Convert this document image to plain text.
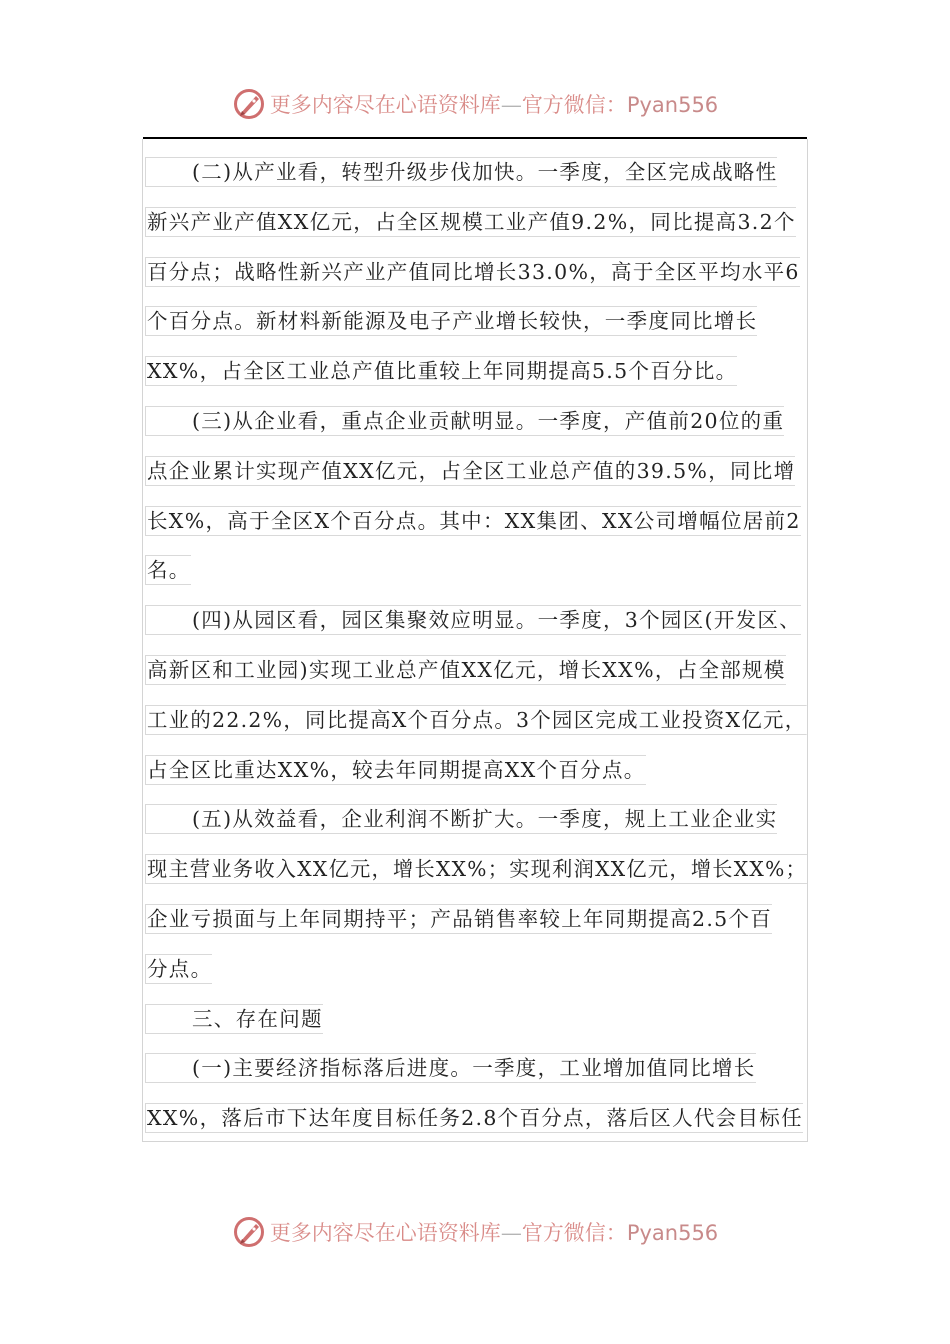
更多内容尽在心语资料库—官方微信：Pyan556
(二)从产业看，转型升级步伐加快。一季度，全区完成战略性
新兴产业产值XX亿元，占全区规模工业产值9.2%，同比提高3.2个
百分点；战略性新兴产业产值同比增长33.0%，高于全区平均水平6
个百分点。新材料新能源及电子产业增长较快，一季度同比增长
XX%，占全区工业总产值比重较上年同期提高5.5个百分比。
(三)从企业看，重点企业贡献明显。一季度，产值前20位的重
点企业累计实现产值XX亿元，占全区工业总产值的39.5%，同比增
长X%，高于全区X个百分点。其中：XX集团、XX公司增幅位居前2
名。
(四)从园区看，园区集聚效应明显。一季度，3个园区(开发区、
高新区和工业园)实现工业总产值XX亿元，增长XX%，占全部规模
工业的22.2%，同比提高X个百分点。3个园区完成工业投资X亿元，
占全区比重达XX%，较去年同期提高XX个百分点。
(五)从效益看，企业利润不断扩大。一季度，规上工业企业实
现主营业务收入XX亿元，增长XX%；实现利润XX亿元，增长XX%；
企业亏损面与上年同期持平；产品销售率较上年同期提高2.5个百
分点。
三、存在问题
(一)主要经济指标落后进度。一季度，工业增加值同比增长
XX%，落后市下达年度目标任务2.8个百分点，落后区人代会目标任
更多内容尽在心语资料库—官方微信：Pyan556
